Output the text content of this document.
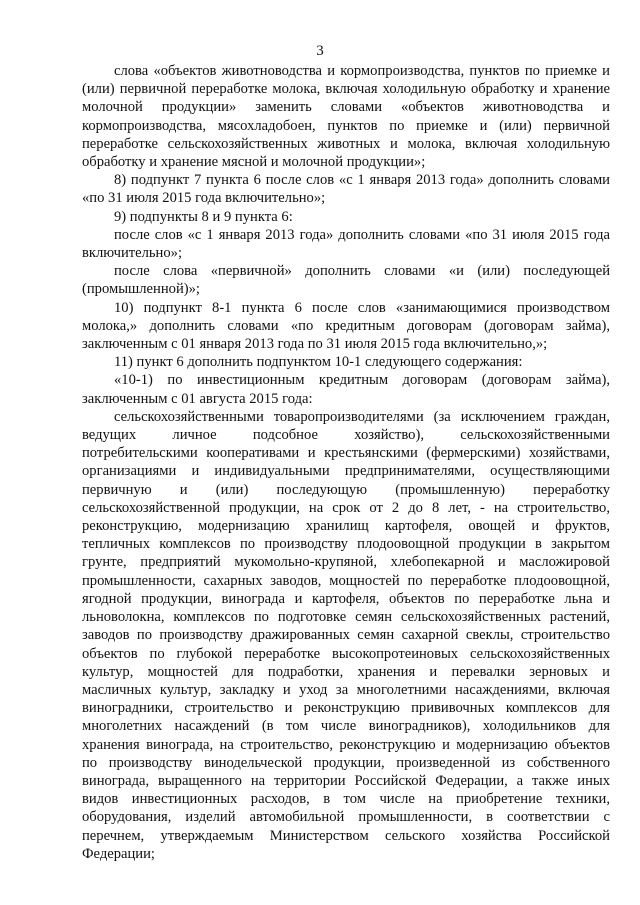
3

слова «объектов животноводства и кормопроизводства, пунктов по приемке и (или) первичной переработке молока, включая холодильную обработку и хранение молочной продукции» заменить словами «объектов животноводства и кормопроизводства, мясохладобоен, пунктов по приемке и (или) первичной переработке сельскохозяйственных животных и молока, включая холодильную обработку и хранение мясной и молочной продукции»;

8) подпункт 7 пункта 6 после слов «с 1 января 2013 года» дополнить словами «по 31 июля 2015 года включительно»;

9) подпункты 8 и 9 пункта 6:

после слов «с 1 января 2013 года» дополнить словами «по 31 июля 2015 года включительно»;

после слова «первичной» дополнить словами «и (или) последующей (промышленной)»;

10) подпункт 8-1 пункта 6 после слов «занимающимися производством молока,» дополнить словами «по кредитным договорам (договорам займа), заключенным с 01 января 2013 года по 31 июля 2015 года включительно,»;

11) пункт 6 дополнить подпунктом 10-1 следующего содержания:

«10-1) по инвестиционным кредитным договорам (договорам займа), заключенным с 01 августа 2015 года:

сельскохозяйственными товаропроизводителями (за исключением граждан,
ведущих личное подсобное хозяйство), сельскохозяйственными
потребительскими кооперативами и крестьянскими (фермерскими) хозяйствами,
организациями и индивидуальными предпринимателями, осуществляющими
первичную и (или) последующую (промышленную) переработку
сельскохозяйственной продукции, на срок от 2 до 8 лет, - на строительство,
реконструкцию, модернизацию хранилищ картофеля, овощей и фруктов,
тепличных комплексов по производству плодоовощной продукции в закрытом
грунте, предприятий мукомольно-крупяной, хлебопекарной и масложировой
промышленности, сахарных заводов, мощностей по переработке плодоовощной,
ягодной продукции, винограда и картофеля, объектов по переработке льна и
льноволокна, комплексов по подготовке семян сельскохозяйственных растений,
заводов по производству дражированных семян сахарной свеклы, строительство
объектов по глубокой переработке высокопротеиновых сельскохозяйственных
культур, мощностей для подработки, хранения и перевалки зерновых и
масличных культур, закладку и уход за многолетними насаждениями, включая
виноградники, строительство и реконструкцию прививочных комплексов для
многолетних насаждений (в том числе виноградников), холодильников для
хранения винограда, на строительство, реконструкцию и модернизацию объектов
по производству винодельческой продукции, произведенной из собственного
винограда, выращенного на территории Российской Федерации, а также иных
видов инвестиционных расходов, в том числе на приобретение техники,
оборудования, изделий автомобильной промышленности, в соответствии с
перечнем, утверждаемым Министерством сельского хозяйства Российской
Федерации;
